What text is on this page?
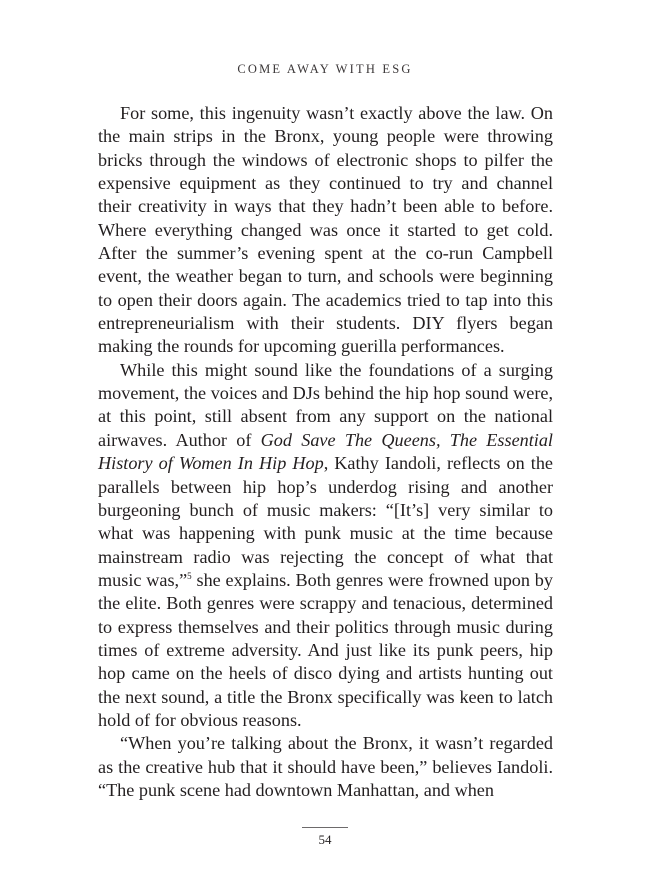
COME AWAY WITH ESG

For some, this ingenuity wasn’t exactly above the law. On the main strips in the Bronx, young people were throwing bricks through the windows of electronic shops to pilfer the expensive equipment as they continued to try and channel their creativity in ways that they hadn’t been able to before. Where everything changed was once it started to get cold. After the summer’s evening spent at the co-run Campbell event, the weather began to turn, and schools were beginning to open their doors again. The academics tried to tap into this entrepreneurialism with their students. DIY flyers began making the rounds for upcoming guerilla performances.

While this might sound like the foundations of a surging movement, the voices and DJs behind the hip hop sound were, at this point, still absent from any support on the national airwaves. Author of God Save The Queens, The Essential History of Women In Hip Hop, Kathy Iandoli, reflects on the parallels between hip hop’s underdog rising and another burgeoning bunch of music makers: “[It’s] very similar to what was happening with punk music at the time because mainstream radio was rejecting the concept of what that music was,”$^5$ she explains. Both genres were frowned upon by the elite. Both genres were scrappy and tenacious, determined to express themselves and their politics through music during times of extreme adversity. And just like its punk peers, hip hop came on the heels of disco dying and artists hunting out the next sound, a title the Bronx specifically was keen to latch hold of for obvious reasons.

“When you’re talking about the Bronx, it wasn’t regarded as the creative hub that it should have been,” believes Iandoli. “The punk scene had downtown Manhattan, and when

54
